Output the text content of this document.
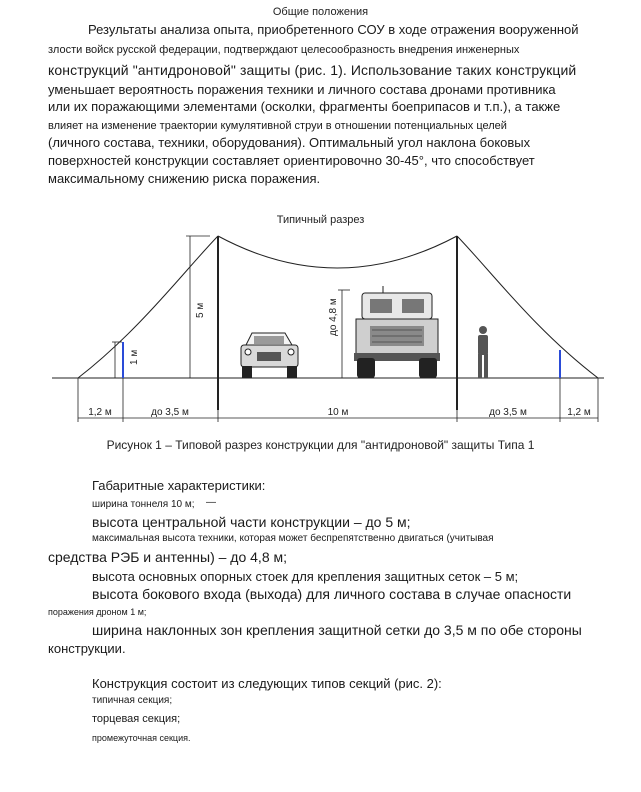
Общие положения
Результаты анализа опыта, приобретенного СОУ в ходе отражения вооруженной
злости войск русской федерации, подтверждают целесообразность внедрения инженерных
конструкций "антидроновой" защиты (рис. 1). Использование таких конструкций
уменьшает вероятность поражения техники и личного состава дронами противника
или их поражающими элементами (осколки, фрагменты боеприпасов и т.п.), а также
влияет на изменение траектории кумулятивной струи в отношении потенциальных целей
(личного состава, техники, оборудования). Оптимальный угол наклона боковых
поверхностей конструкции составляет ориентировочно 30-45°, что способствует
максимальному снижению риска поражения.
Типичный разрез
5 м
1 м
до 4,8 м
1,2 м	до 3,5 м	10 м	до 3,5 м	1,2 м
Рисунок 1 – Типовой разрез конструкции для "антидроновой" защиты Типа 1
Габаритные характеристики:
ширина тоннеля 10 м; —
высота центральной части конструкции – до 5 м;
максимальная высота техники, которая может беспрепятственно двигаться (учитывая
средства РЭБ и антенны) – до 4,8 м;
высота основных опорных стоек для крепления защитных сеток – 5 м;
высота бокового входа (выхода) для личного состава в случае опасности
поражения дроном 1 м;
ширина наклонных зон крепления защитной сетки до 3,5 м по обе стороны
конструкции.
Конструкция состоит из следующих типов секций (рис. 2):
типичная секция;
торцевая секция;
промежуточная секция.
